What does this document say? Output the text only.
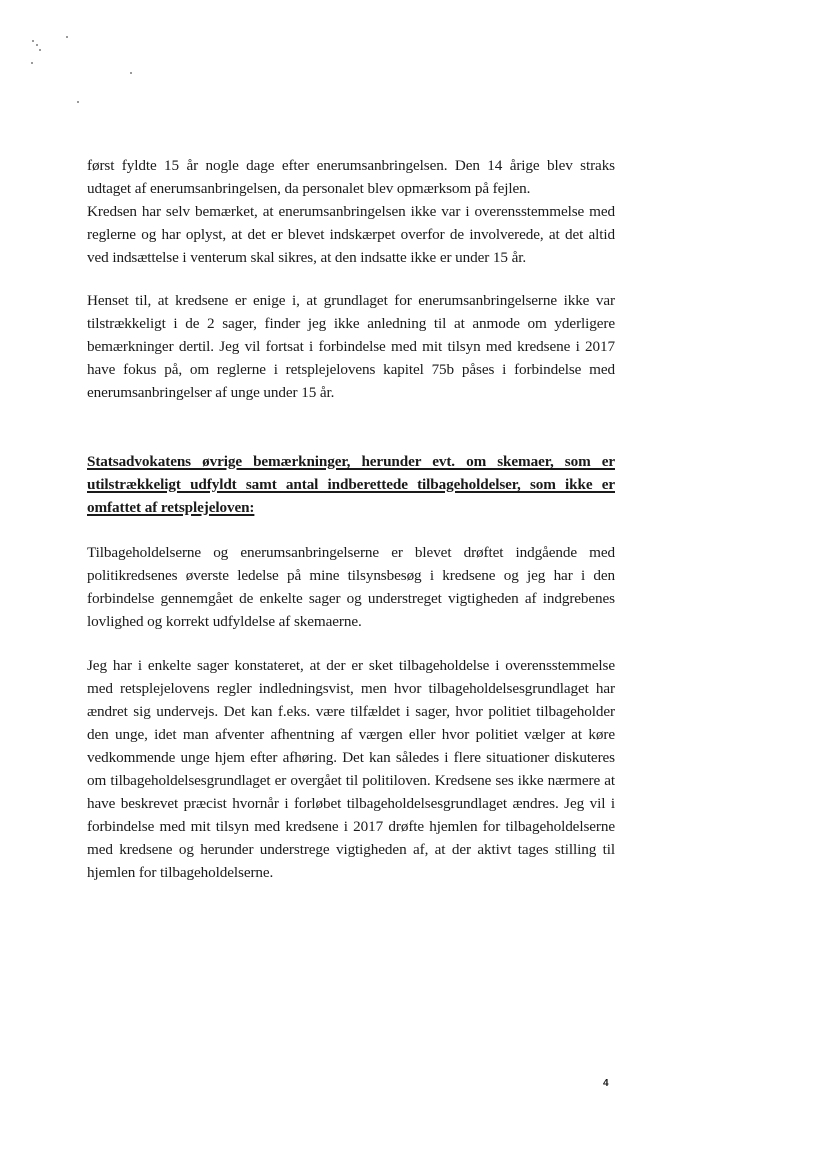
først fyldte 15 år nogle dage efter enerumsanbringelsen. Den 14 årige blev straks udtaget af enerumsanbringelsen, da personalet blev opmærksom på fejlen.

Kredsen har selv bemærket, at enerumsanbringelsen ikke var i overensstemmelse med reglerne og har oplyst, at det er blevet indskærpet overfor de involverede, at det altid ved indsættelse i venterum skal sikres, at den indsatte ikke er under 15 år.

Henset til, at kredsene er enige i, at grundlaget for enerumsanbringelserne ikke var tilstrækkeligt i de 2 sager, finder jeg ikke anledning til at anmode om yderligere bemærkninger dertil. Jeg vil fortsat i forbindelse med mit tilsyn med kredsene i 2017 have fokus på, om reglerne i retsplejelovens kapitel 75b påses i forbindelse med enerumsanbringelser af unge under 15 år.

Statsadvokatens øvrige bemærkninger, herunder evt. om skemaer, som er utilstrækkeligt udfyldt samt antal indberettede tilbageholdelser, som ikke er omfattet af retsplejeloven:

Tilbageholdelserne og enerumsanbringelserne er blevet drøftet indgående med politikredsenes øverste ledelse på mine tilsynsbesøg i kredsene og jeg har i den forbindelse gennemgået de enkelte sager og understreget vigtigheden af indgrebenes lovlighed og korrekt udfyldelse af skemaerne.

Jeg har i enkelte sager konstateret, at der er sket tilbageholdelse i overensstemmelse med retsplejelovens regler indledningsvist, men hvor tilbageholdelsesgrundlaget har ændret sig undervejs. Det kan f.eks. være tilfældet i sager, hvor politiet tilbageholder den unge, idet man afventer afhentning af værgen eller hvor politiet vælger at køre vedkommende unge hjem efter afhøring. Det kan således i flere situationer diskuteres om tilbageholdelsesgrundlaget er overgået til politiloven. Kredsene ses ikke nærmere at have beskrevet præcist hvornår i forløbet tilbageholdelsesgrundlaget ændres. Jeg vil i forbindelse med mit tilsyn med kredsene i 2017 drøfte hjemlen for tilbageholdelserne med kredsene og herunder understrege vigtigheden af, at der aktivt tages stilling til hjemlen for tilbageholdelserne.

4
